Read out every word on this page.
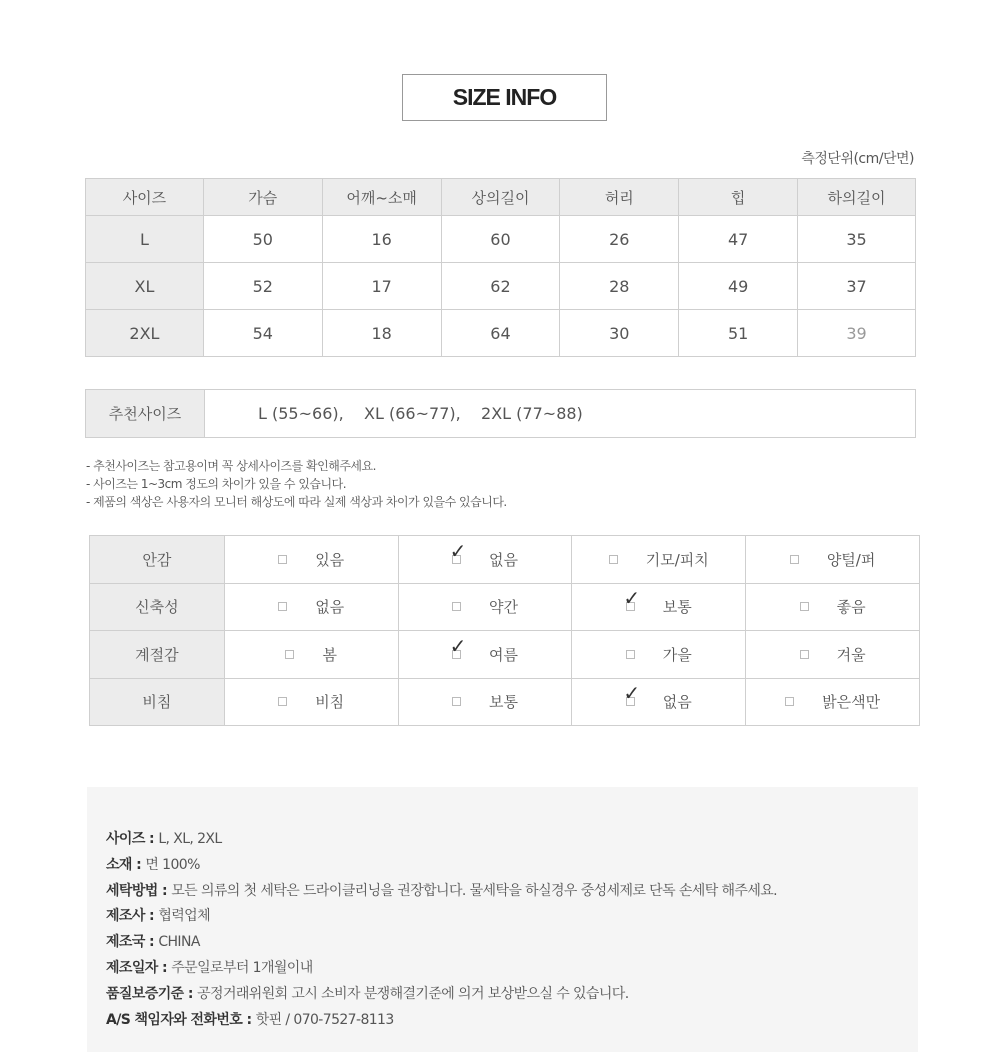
SIZE INFO
측정단위(cm/단면)
사이즈	가슴	어깨~소매	상의길이	허리	힙	하의길이
L	50	16	60	26	47	35
XL	52	17	62	28	49	37
2XL	54	18	64	30	51	39
추천사이즈	L (55~66),    XL (66~77),    2XL (77~88)
- 추천사이즈는 참고용이며 꼭 상세사이즈를 확인해주세요.
- 사이즈는 1~3cm 정도의 차이가 있을 수 있습니다.
- 제품의 색상은 사용자의 모니터 해상도에 따라 실제 색상과 차이가 있을수 있습니다.
안감	있음	✓ 없음	기모/피치	양털/퍼

신축성	없음	약간	✓ 보통	좋음

계절감	봄	✓ 여름	가을	겨울

비침	비침	보통	✓ 없음	밝은색만
사이즈 : L, XL, 2XL
소재 : 면 100%
세탁방법 : 모든 의류의 첫 세탁은 드라이클리닝을 권장합니다. 물세탁을 하실경우 중성세제로 단독 손세탁 해주세요.
제조사 : 협력업체
제조국 : CHINA
제조일자 : 주문일로부터 1개월이내
품질보증기준 : 공정거래위원회 고시 소비자 분쟁해결기준에 의거 보상받으실 수 있습니다.
A/S 책임자와 전화번호 : 핫핀 / 070-7527-8113
